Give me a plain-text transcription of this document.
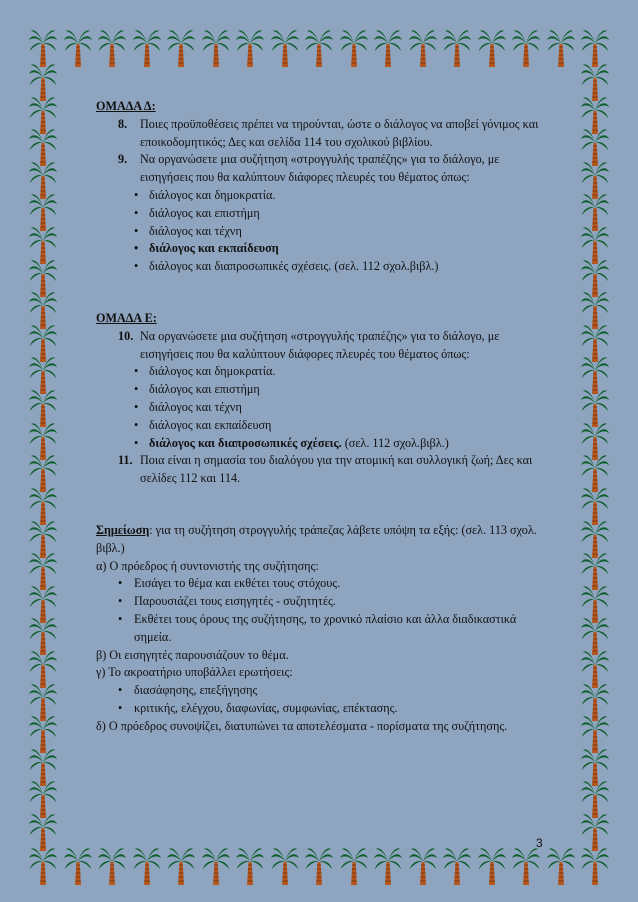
ΟΜΑΔΑ Δ:
8.	Ποιες προϋποθέσεις πρέπει να τηρούνται, ώστε ο διάλογος να αποβεί γόνιμος και εποικοδομητικός; Δες και σελίδα 114 του σχολικού βιβλίου.
9.	Να οργανώσετε μια συζήτηση «στρογγυλής τραπέζης» για το διάλογο, με εισηγήσεις που θα καλύπτουν διάφορες πλευρές του θέματος όπως:
• διάλογος και δημοκρατία.
• διάλογος και επιστήμη
• διάλογος και τέχνη
• διάλογος και εκπαίδευση
• διάλογος και διαπροσωπικές σχέσεις. (σελ. 112 σχολ.βιβλ.)
ΟΜΑΔΑ Ε:
10. Να οργανώσετε μια συζήτηση «στρογγυλής τραπέζης» για το διάλογο, με εισηγήσεις που θα καλύπτουν διάφορες πλευρές του θέματος όπως:
• διάλογος και δημοκρατία.
• διάλογος και επιστήμη
• διάλογος και τέχνη
• διάλογος και εκπαίδευση
• διάλογος και διαπροσωπικές σχέσεις. (σελ. 112 σχολ.βιβλ.)
11. Ποια είναι η σημασία του διαλόγου για την ατομική και συλλογική ζωή; Δες και σελίδες 112 και 114.
Σημείωση: για τη συζήτηση στρογγυλής τράπεζας λάβετε υπόψη τα εξής: (σελ. 113 σχολ. βιβλ.)
α) Ο πρόεδρος ή συντονιστής της συζήτησης:
• Εισάγει το θέμα και εκθέτει τους στόχους.
• Παρουσιάζει τους εισηγητές - συζητητές.
• Εκθέτει τους όρους της συζήτησης, το χρονικό πλαίσιο και άλλα διαδικαστικά σημεία.
β) Οι εισηγητές παρουσιάζουν το θέμα.
γ) Το ακροατήριο υποβάλλει ερωτήσεις:
• διασάφησης, επεξήγησης
• κριτικής, ελέγχου, διαφωνίας, συμφωνίας, επέκτασης.
δ) Ο πρόεδρος συνοψίζει, διατυπώνει τα αποτελέσματα - πορίσματα της συζήτησης.
3
